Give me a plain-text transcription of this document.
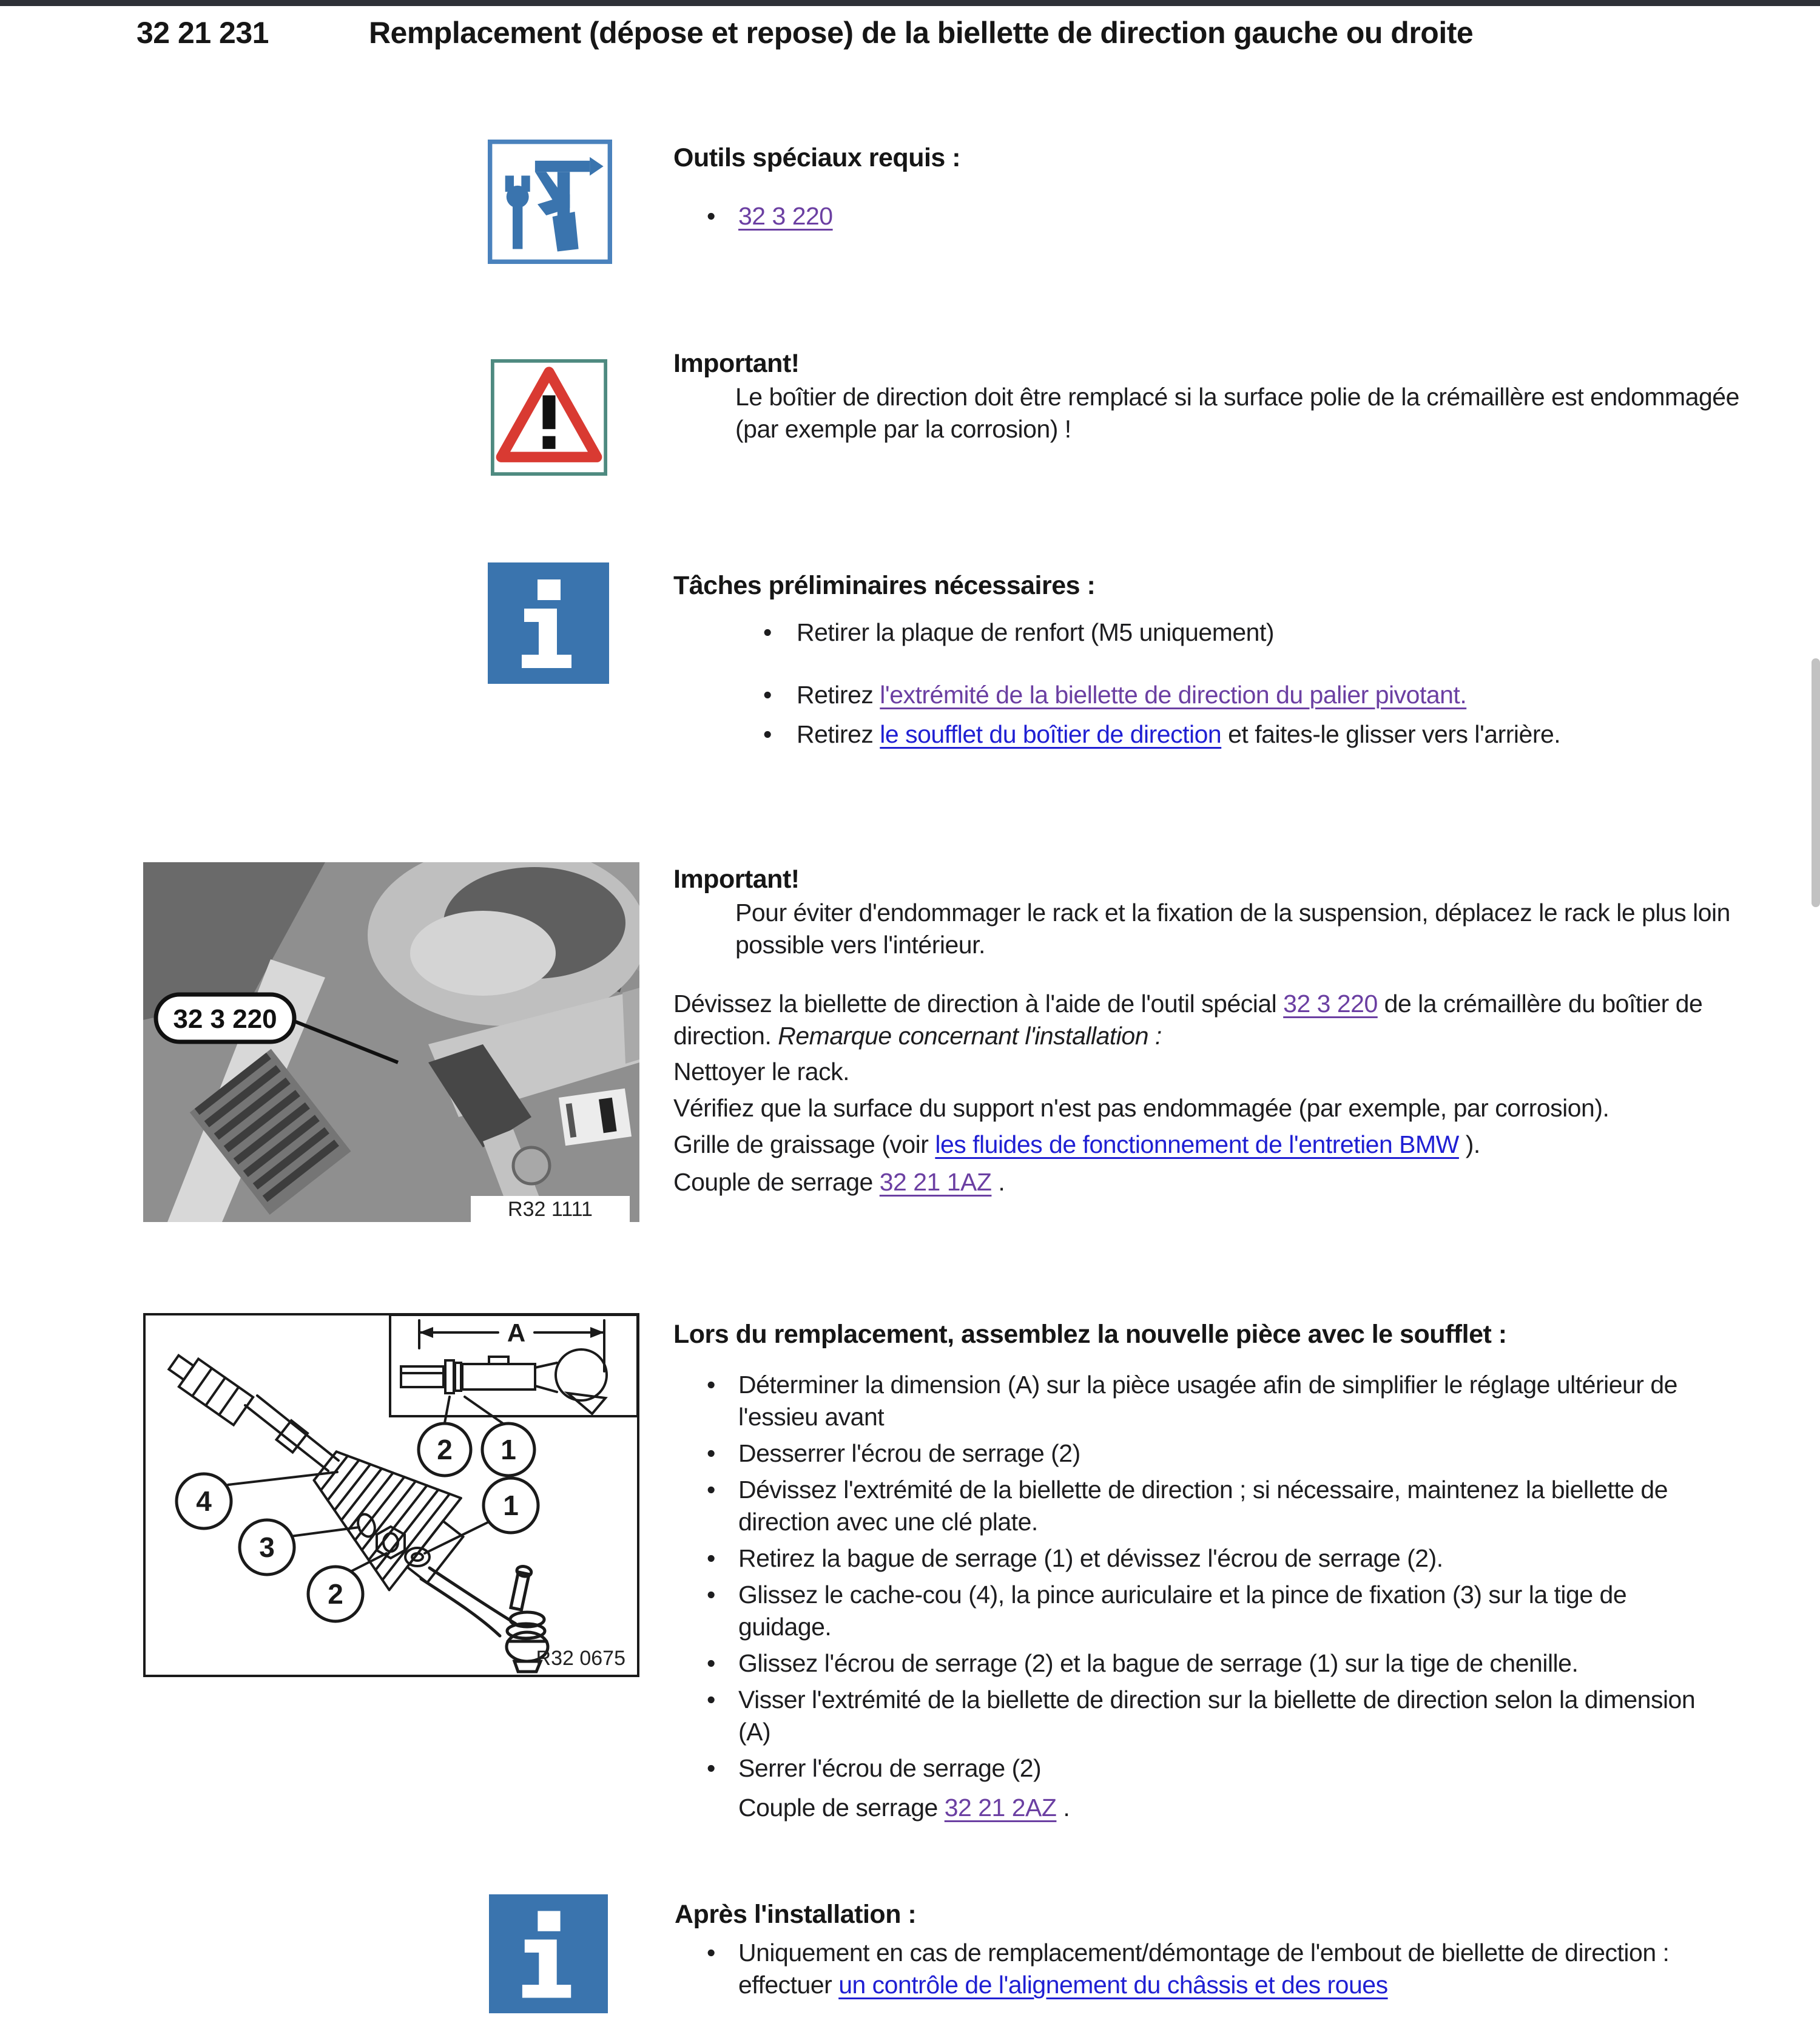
32 21 231	Remplacement (dépose et repose) de la biellette de direction gauche ou droite
Outils spéciaux requis :
• 32 3 220
Important!
Le boîtier de direction doit être remplacé si la surface polie de la crémaillère est endommagée (par exemple par la corrosion) !
Tâches préliminaires nécessaires :
• Retirer la plaque de renfort (M5 uniquement)
• Retirez l'extrémité de la biellette de direction du palier pivotant.
• Retirez le soufflet du boîtier de direction et faites-le glisser vers l'arrière.
32 3 220
R32 1111
Important!
Pour éviter d'endommager le rack et la fixation de la suspension, déplacez le rack le plus loin possible vers l'intérieur.
Dévissez la biellette de direction à l'aide de l'outil spécial 32 3 220 de la crémaillère du boîtier de direction. Remarque concernant l'installation :
Nettoyer le rack.
Vérifiez que la surface du support n'est pas endommagée (par exemple, par corrosion).
Grille de graissage (voir les fluides de fonctionnement de l'entretien BMW ).
Couple de serrage 32 21 1AZ .
A
2 1
4
3
2
1
R32 0675
Lors du remplacement, assemblez la nouvelle pièce avec le soufflet :
• Déterminer la dimension (A) sur la pièce usagée afin de simplifier le réglage ultérieur de l'essieu avant
• Desserrer l'écrou de serrage (2)
• Dévissez l'extrémité de la biellette de direction ; si nécessaire, maintenez la biellette de direction avec une clé plate.
• Retirez la bague de serrage (1) et dévissez l'écrou de serrage (2).
• Glissez le cache-cou (4), la pince auriculaire et la pince de fixation (3) sur la tige de guidage.
• Glissez l'écrou de serrage (2) et la bague de serrage (1) sur la tige de chenille.
• Visser l'extrémité de la biellette de direction sur la biellette de direction selon la dimension (A)
• Serrer l'écrou de serrage (2)
Couple de serrage 32 21 2AZ .
Après l'installation :
• Uniquement en cas de remplacement/démontage de l'embout de biellette de direction : effectuer un contrôle de l'alignement du châssis et des roues
